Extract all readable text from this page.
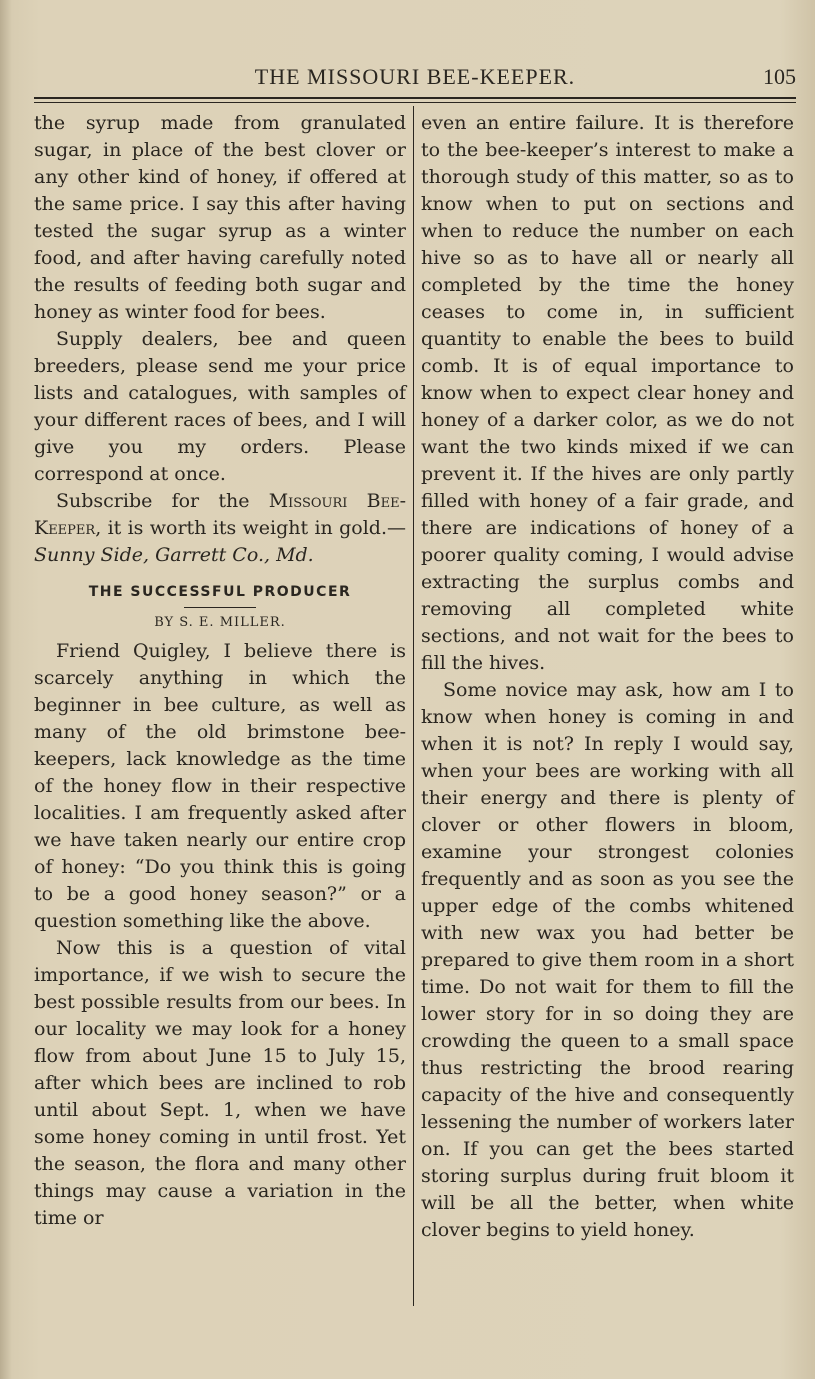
THE MISSOURI BEE-KEEPER.	105

the syrup made from granulated sugar, in place of the best clover or any other kind of honey, if offered at the same price. I say this after having tested the sugar syrup as a winter food, and after having carefully noted the results of feeding both sugar and honey as winter food for bees.

Supply dealers, bee and queen breeders, please send me your price lists and catalogues, with samples of your different races of bees, and I will give you my orders. Please correspond at once.

Subscribe for the Missouri Bee-Keeper, it is worth its weight in gold.—Sunny Side, Garrett Co., Md.

THE SUCCESSFUL PRODUCER
BY S. E. MILLER.

Friend Quigley, I believe there is scarcely anything in which the beginner in bee culture, as well as many of the old brimstone bee-keepers, lack knowledge as the time of the honey flow in their respective localities. I am frequently asked after we have taken nearly our entire crop of honey: “Do you think this is going to be a good honey season?” or a question something like the above.

Now this is a question of vital importance, if we wish to secure the best possible results from our bees. In our locality we may look for a honey flow from about June 15 to July 15, after which bees are inclined to rob until about Sept. 1, when we have some honey coming in until frost. Yet the season, the flora and many other things may cause a variation in the time or

even an entire failure. It is therefore to the bee-keeper’s interest to make a thorough study of this matter, so as to know when to put on sections and when to reduce the number on each hive so as to have all or nearly all completed by the time the honey ceases to come in, in sufficient quantity to enable the bees to build comb. It is of equal importance to know when to expect clear honey and honey of a darker color, as we do not want the two kinds mixed if we can prevent it. If the hives are only partly filled with honey of a fair grade, and there are indications of honey of a poorer quality coming, I would advise extracting the surplus combs and removing all completed white sections, and not wait for the bees to fill the hives.

Some novice may ask, how am I to know when honey is coming in and when it is not? In reply I would say, when your bees are working with all their energy and there is plenty of clover or other flowers in bloom, examine your strongest colonies frequently and as soon as you see the upper edge of the combs whitened with new wax you had better be prepared to give them room in a short time. Do not wait for them to fill the lower story for in so doing they are crowding the queen to a small space thus restricting the brood rearing capacity of the hive and consequently lessening the number of workers later on. If you can get the bees started storing surplus during fruit bloom it will be all the better, when white clover begins to yield honey.
